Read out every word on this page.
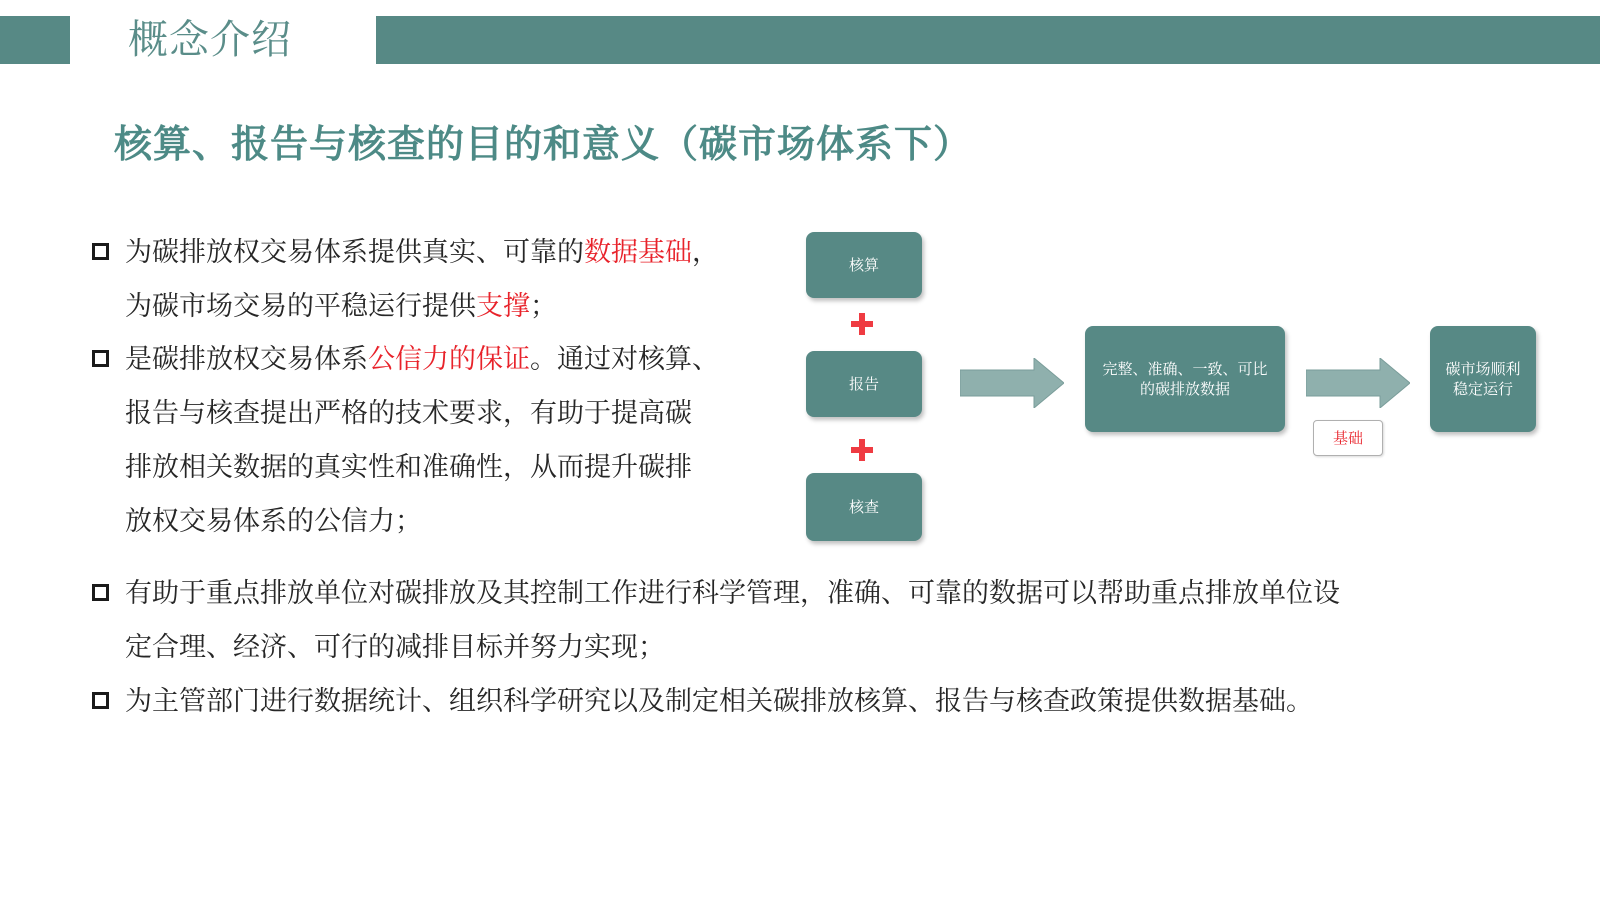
概念介绍
核算、报告与核查的目的和意义（碳市场体系下）
为碳排放权交易体系提供真实、可靠的数据基础，
为碳市场交易的平稳运行提供支撑；
是碳排放权交易体系公信力的保证。通过对核算、
报告与核查提出严格的技术要求，有助于提高碳
排放相关数据的真实性和准确性，从而提升碳排
放权交易体系的公信力；
有助于重点排放单位对碳排放及其控制工作进行科学管理，准确、可靠的数据可以帮助重点排放单位设
定合理、经济、可行的减排目标并努力实现；
为主管部门进行数据统计、组织科学研究以及制定相关碳排放核算、报告与核查政策提供数据基础。
核算
报告
核查
完整、准确、一致、可比
的碳排放数据
碳市场顺利
稳定运行
基础
